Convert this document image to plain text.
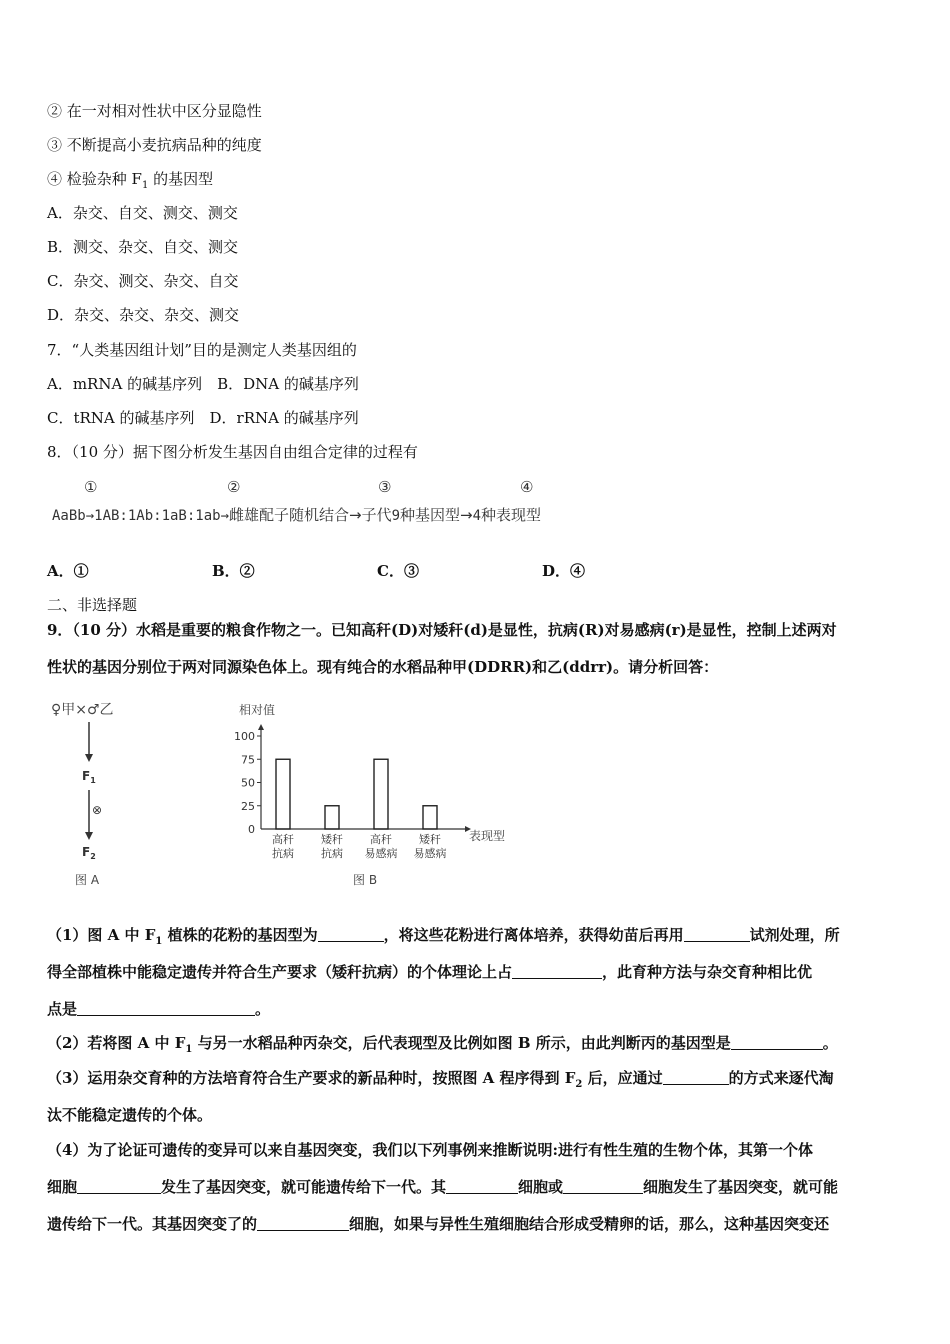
② 在一对相对性状中区分显隐性
③ 不断提高小麦抗病品种的纯度
④ 检验杂种 $F_1$ 的基因型
A．杂交、自交、测交、测交
B．测交、杂交、自交、测交
C．杂交、测交、杂交、自交
D．杂交、杂交、杂交、测交
7．“人类基因组计划”目的是测定人类基因组的
A．mRNA 的碱基序列　B．DNA 的碱基序列
C．tRNA 的碱基序列　D．rRNA 的碱基序列
8．（10 分）据下图分析发生基因自由组合定律的过程有
①	②	③	④
AaBb→1AB:1Ab:1aB:1ab→雌雄配子随机结合→子代9种基因型→4种表现型
A．①	B．②	C．③	D．④
二、非选择题
9．（10 分）水稻是重要的粮食作物之一。已知高秆(D)对矮秆(d)是显性，抗病(R)对易感病(r)是显性，控制上述两对
性状的基因分别位于两对同源染色体上。现有纯合的水稻品种甲(DDRR)和乙(ddrr)。请分析回答：
♀甲×♂乙
$F_1$
⊗
$F_2$
图 A
相对值
表现型
图 B
0
25
50
75
100
高秆
抗病
矮秆
抗病
高秆
易感病
矮秆
易感病
（1）图 A 中 $F_1$ 植株的花粉的基因型为	，将这些花粉进行离体培养，获得幼苗后再用	试剂处理，所
得全部植株中能稳定遗传并符合生产要求（矮秆抗病）的个体理论上占	，此育种方法与杂交育种相比优
点是	。
（2）若将图 A 中 $F_1$ 与另一水稻品种丙杂交，后代表现型及比例如图 B 所示，由此判断丙的基因型是	。
（3）运用杂交育种的方法培育符合生产要求的新品种时，按照图 A 程序得到 $F_2$ 后，应通过	的方式来逐代淘
汰不能稳定遗传的个体。
（4）为了论证可遗传的变异可以来自基因突变，我们以下列事例来推断说明:进行有性生殖的生物个体，其第一个体
细胞	发生了基因突变，就可能遗传给下一代。其	细胞或	细胞发生了基因突变，就可能
遗传给下一代。其基因突变了的	细胞，如果与异性生殖细胞结合形成受精卵的话，那么，这种基因突变还
